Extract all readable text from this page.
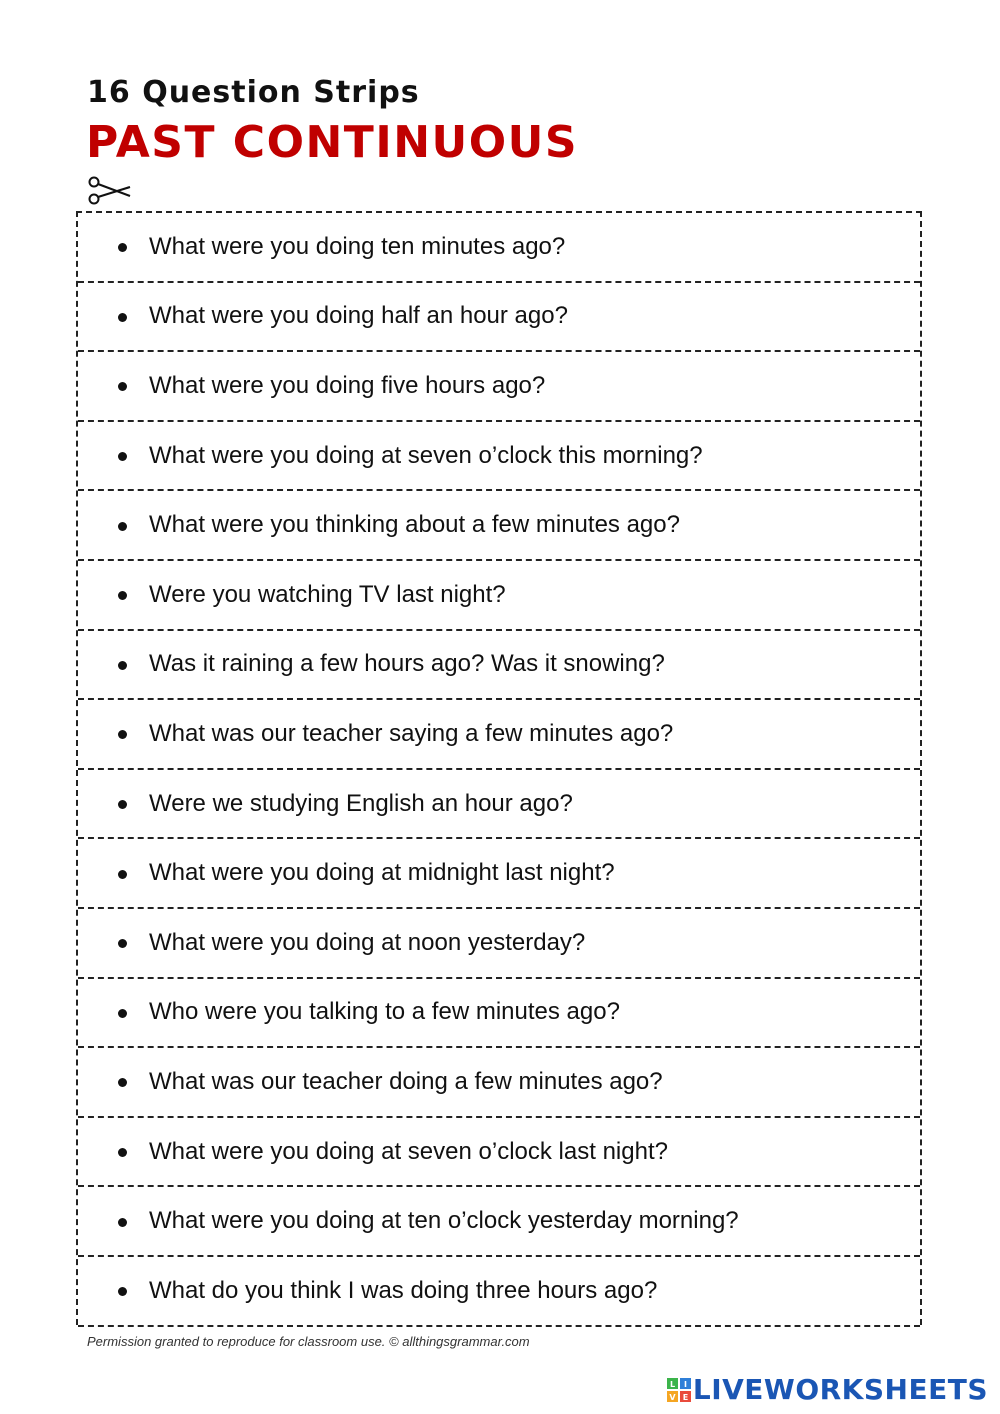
16 Question Strips
PAST CONTINUOUS
What were you doing ten minutes ago?
What were you doing half an hour ago?
What were you doing five hours ago?
What were you doing at seven o’clock this morning?
What were you thinking about a few minutes ago?
Were you watching TV last night?
Was it raining a few hours ago? Was it snowing?
What was our teacher saying a few minutes ago?
Were we studying English an hour ago?
What were you doing at midnight last night?
What were you doing at noon yesterday?
Who were you talking to a few minutes ago?
What was our teacher doing a few minutes ago?
What were you doing at seven o’clock last night?
What were you doing at ten o’clock yesterday morning?
What do you think I was doing three hours ago?
Permission granted to reproduce for classroom use. © allthingsgrammar.com
L I
V E LIVEWORKSHEETS
